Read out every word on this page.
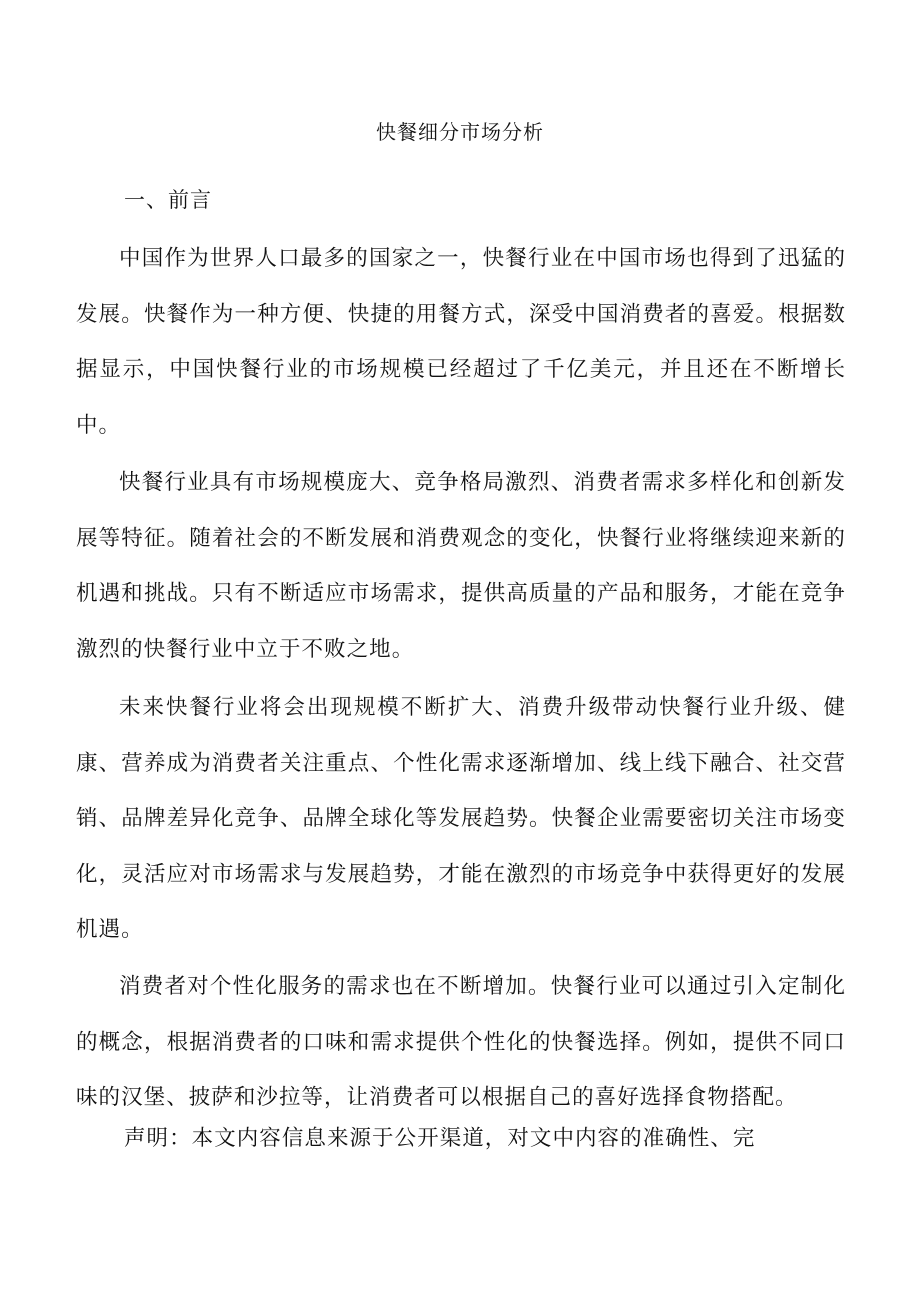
快餐细分市场分析
一、前言

中国作为世界人口最多的国家之一，快餐行业在中国市场也得到了迅猛的发展。快餐作为一种方便、快捷的用餐方式，深受中国消费者的喜爱。根据数据显示，中国快餐行业的市场规模已经超过了千亿美元，并且还在不断增长中。

快餐行业具有市场规模庞大、竞争格局激烈、消费者需求多样化和创新发展等特征。随着社会的不断发展和消费观念的变化，快餐行业将继续迎来新的机遇和挑战。只有不断适应市场需求，提供高质量的产品和服务，才能在竞争激烈的快餐行业中立于不败之地。

未来快餐行业将会出现规模不断扩大、消费升级带动快餐行业升级、健康、营养成为消费者关注重点、个性化需求逐渐增加、线上线下融合、社交营销、品牌差异化竞争、品牌全球化等发展趋势。快餐企业需要密切关注市场变化，灵活应对市场需求与发展趋势，才能在激烈的市场竞争中获得更好的发展机遇。

消费者对个性化服务的需求也在不断增加。快餐行业可以通过引入定制化的概念，根据消费者的口味和需求提供个性化的快餐选择。例如，提供不同口味的汉堡、披萨和沙拉等，让消费者可以根据自己的喜好选择食物搭配。

声明：本文内容信息来源于公开渠道，对文中内容的准确性、完
